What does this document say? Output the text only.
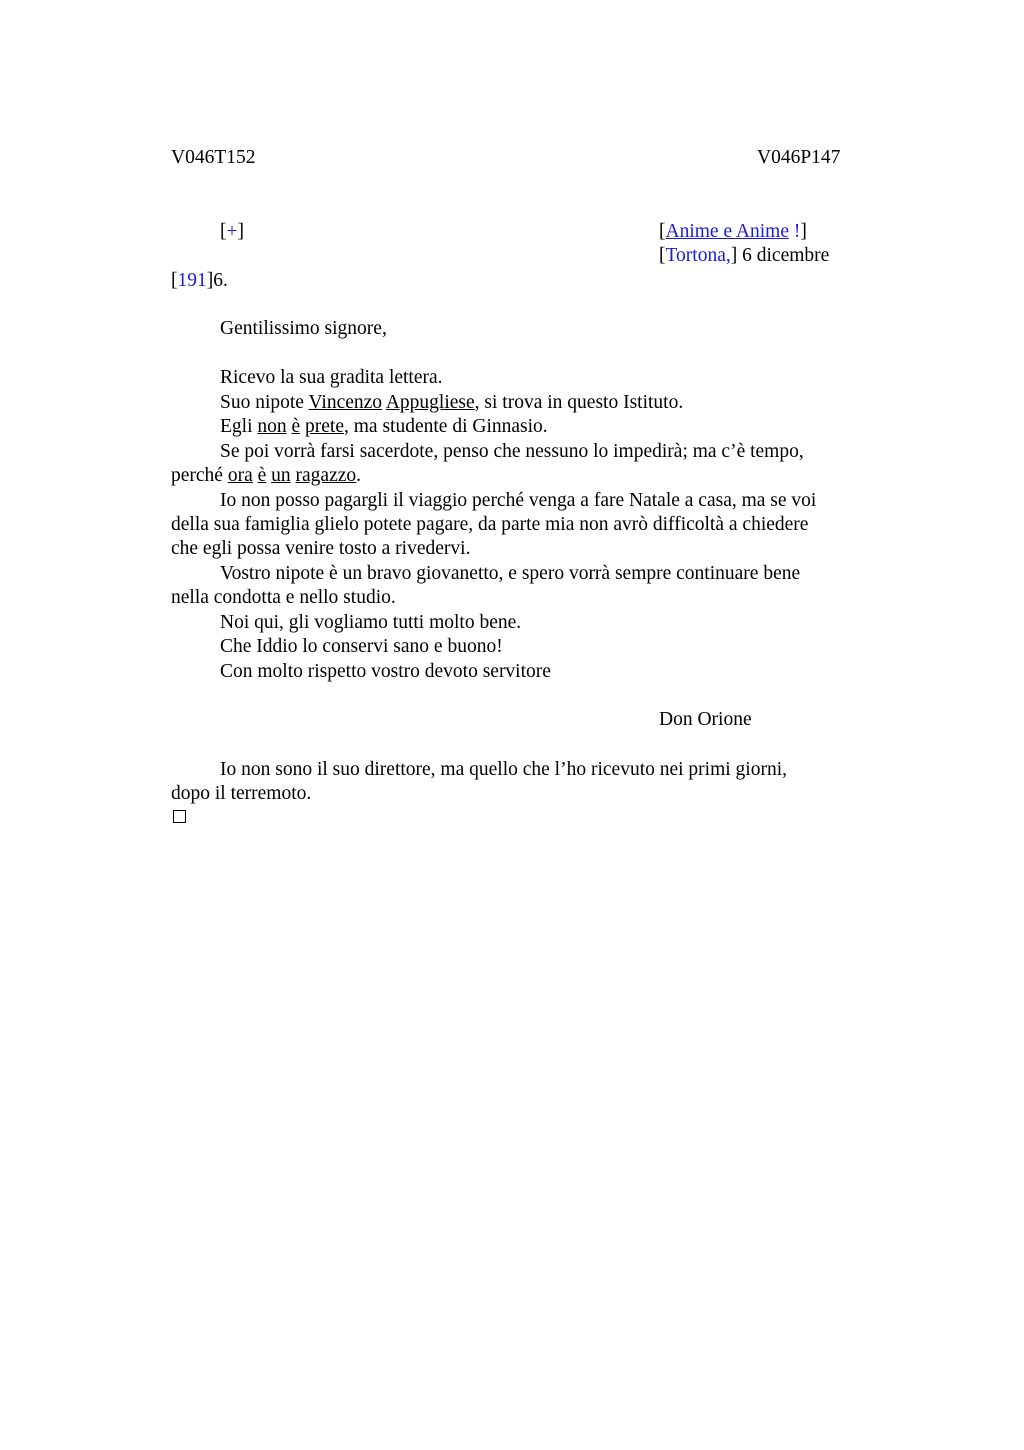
V046T152	V046P147
[+]	[Anime e Anime !]
[Tortona,] 6 dicembre
[191]6.
Gentilissimo signore,
Ricevo la sua gradita lettera.
Suo nipote Vincenzo Appugliese, si trova in questo Istituto.
Egli non è prete, ma studente di Ginnasio.
Se poi vorrà farsi sacerdote, penso che nessuno lo impedirà; ma c’è tempo,
perché ora è un ragazzo.
Io non posso pagargli il viaggio perché venga a fare Natale a casa, ma se voi
della sua famiglia glielo potete pagare, da parte mia non avrò difficoltà a chiedere
che egli possa venire tosto a rivedervi.
Vostro nipote è un bravo giovanetto, e spero vorrà sempre continuare bene
nella condotta e nello studio.
Noi qui, gli vogliamo tutti molto bene.
Che Iddio lo conservi sano e buono!
Con molto rispetto vostro devoto servitore
Don Orione
Io non sono il suo direttore, ma quello che l’ho ricevuto nei primi giorni,
dopo il terremoto.
